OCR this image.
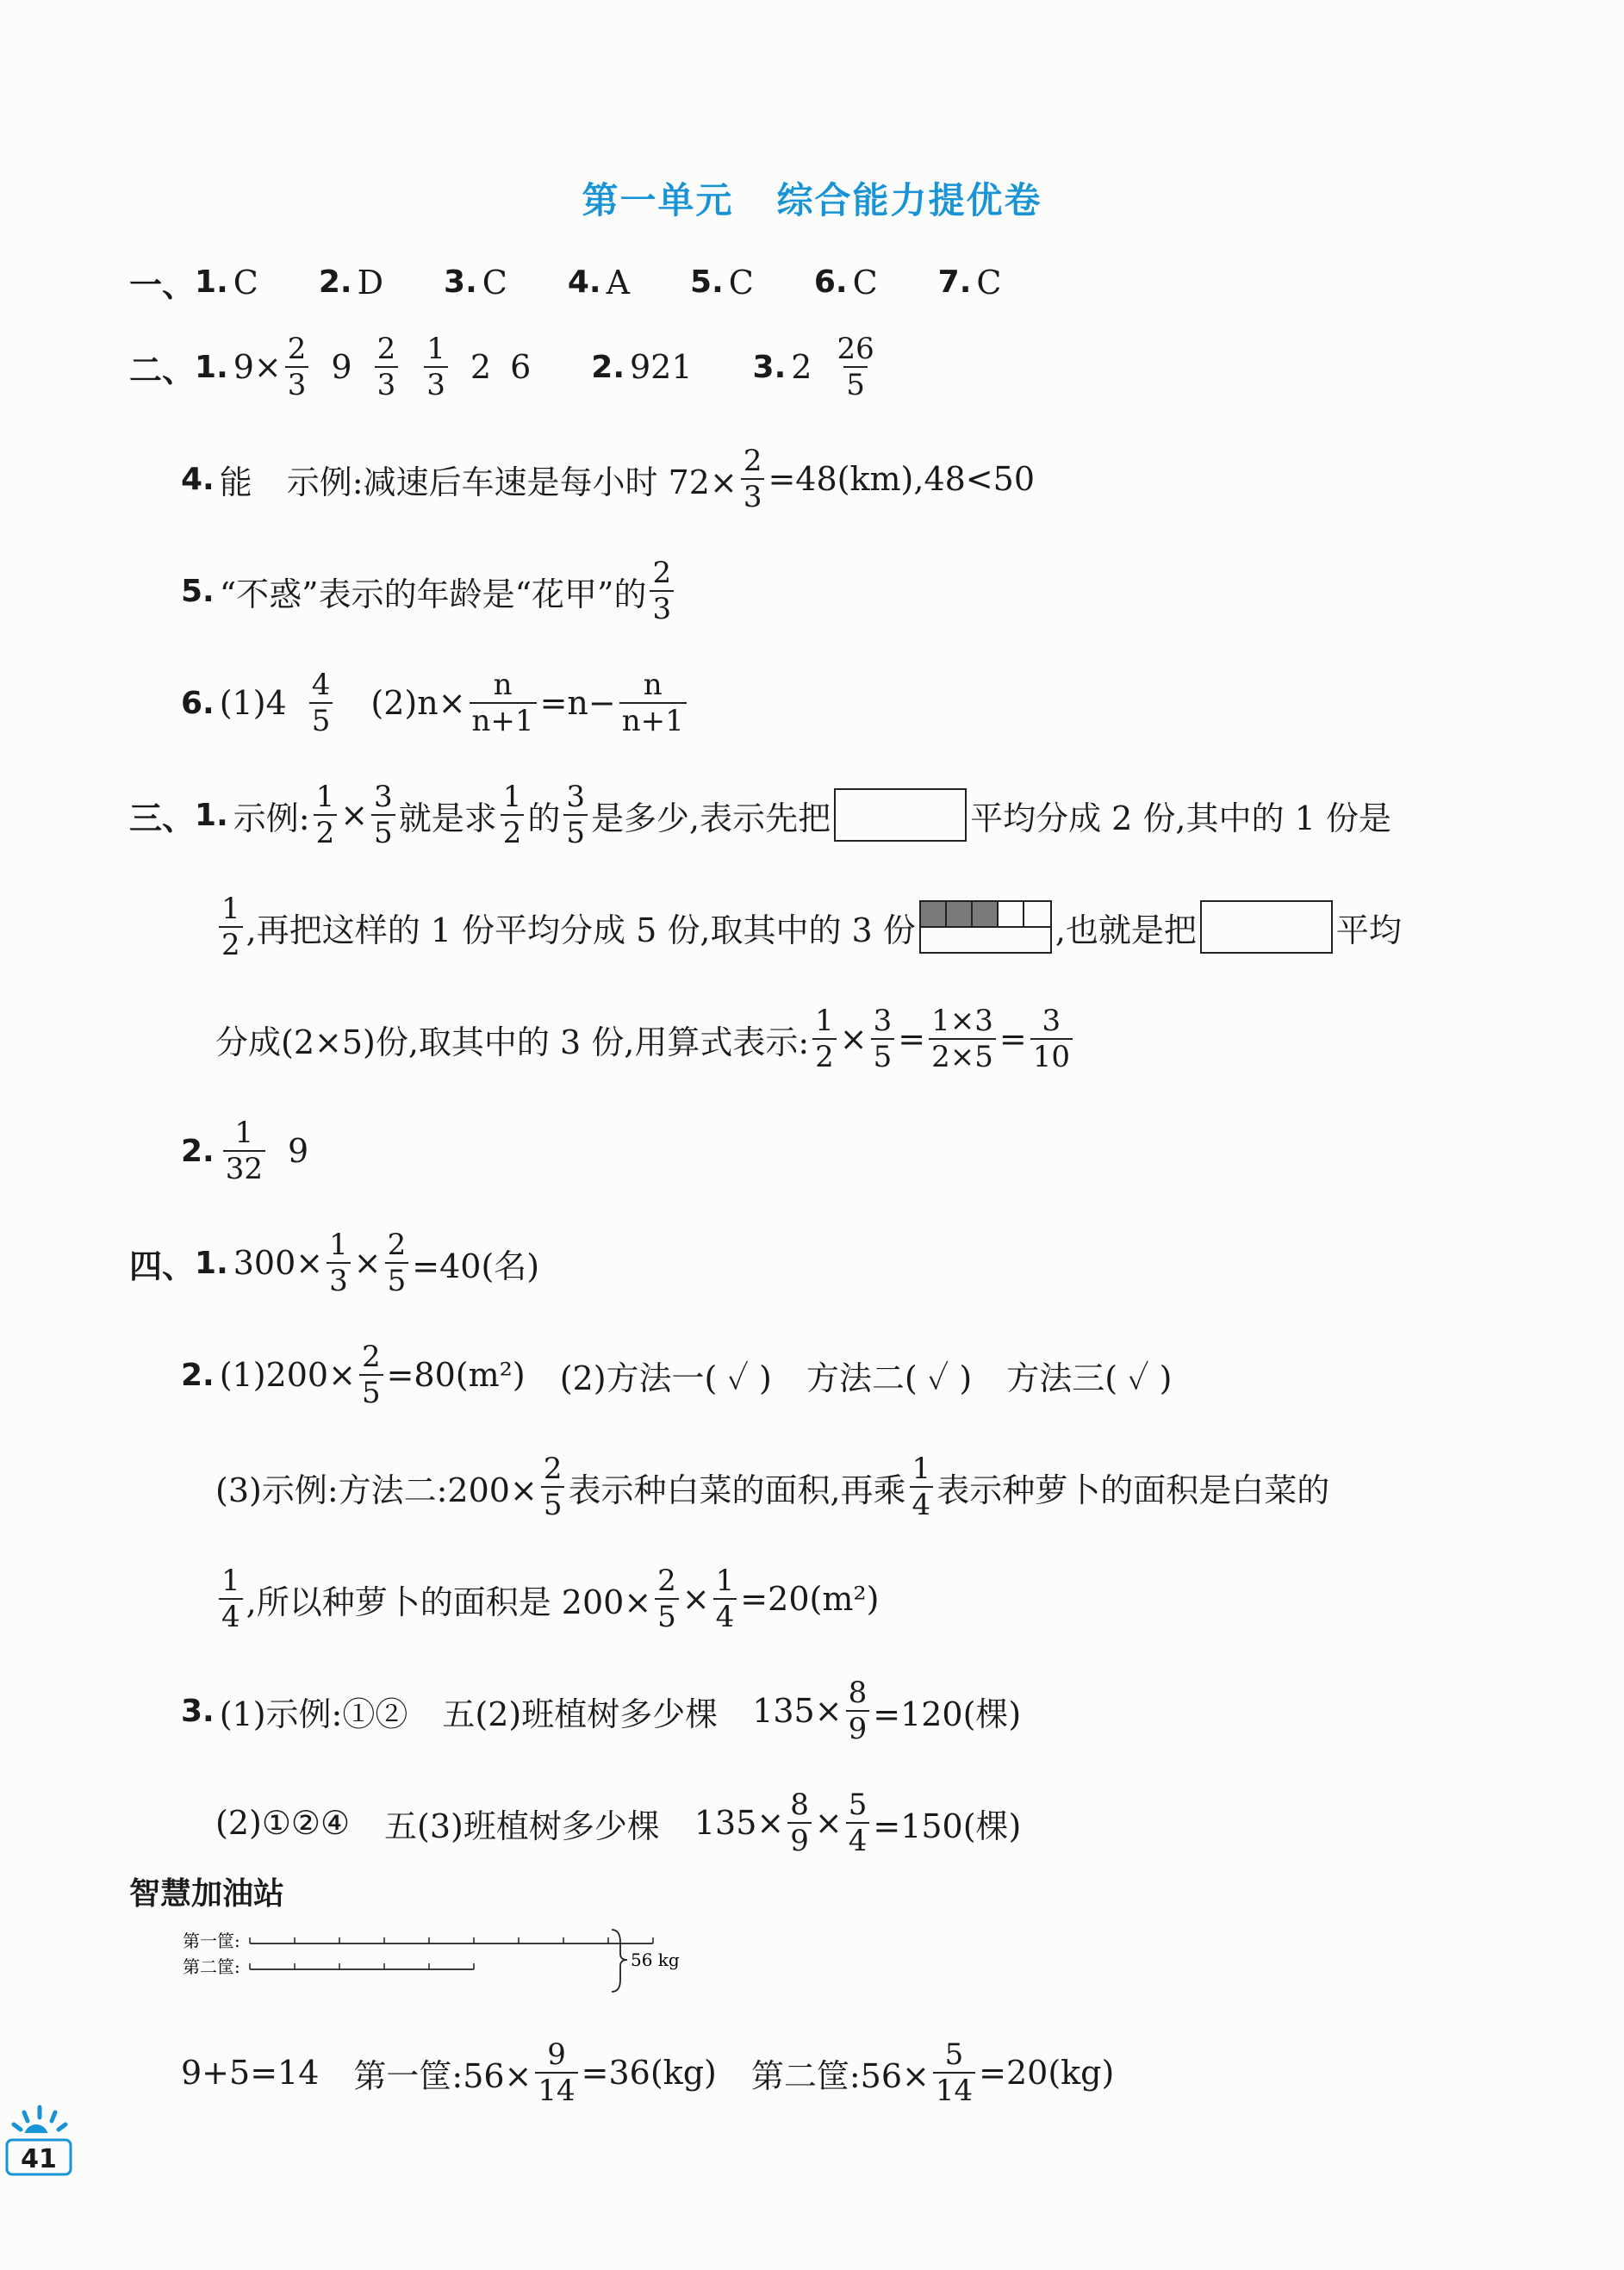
第一单元 综合能力提优卷
一、 1. C 2. D 3. C 4. A 5. C 6. C 7. C
二、 1. $9\times \frac{2}{3} 9$ 2
3
1
3 2 6 2. 921 3. 2 26
5
4. 能 示例:减速后车速是每小时 $72\times \frac{2}{3} =48(km),48<50$
5. “不惑”表示的年龄是“花甲”的
2
3
6. (1)4 4
5 $(2)n\times \frac{n}{n+1} =n- \frac{n}{n+1}$
三、 1. 示例: $\frac{1}{2} \times \frac{3}{5}$ 就是求
1
2 的
3
5 是多少,表示先把	平均分成 2 份,其中的 1 份是
1
2 ,再把这样的 1 份平均分成 5 份,取其中的 3 份	,也就是把	平均
分成(2×5)份,取其中的 3 份,用算式表示: $\frac{1}{2} \times \frac{3}{5} = \frac{1\times 3}{2\times 5} = \frac{3}{10}$
2.
1
32 9
四、 1. $300\times \frac{1}{3} \times \frac{2}{5} =40$(名)
2. $(1)200\times \frac{2}{5} =80(m^2)$ (2)方法一( ✓ ) 方法二( ✓ ) 方法三( ✓ )
(3)示例:方法二:200× $\frac{2}{5}$ 表示种白菜的面积,再乘
1
4 表示种萝卜的面积是白菜的
1
4 ,所以种萝卜的面积是 $200\times \frac{2}{5} \times \frac{1}{4} =20(m^2)$
3. (1)示例:①② 五(2)班植树多少棵 $135\times \frac{8}{9} =120$(棵)
(2)①②④ 五(3)班植树多少棵 $135\times \frac{8}{9} \times \frac{5}{4} =150$(棵)
智慧加油站
第一筐:
第二筐:	56 kg
9+5=14 第一筐:56× $\frac{9}{14} =36(kg)$ 第二筐:56× $\frac{5}{14} =20(kg)$
41
